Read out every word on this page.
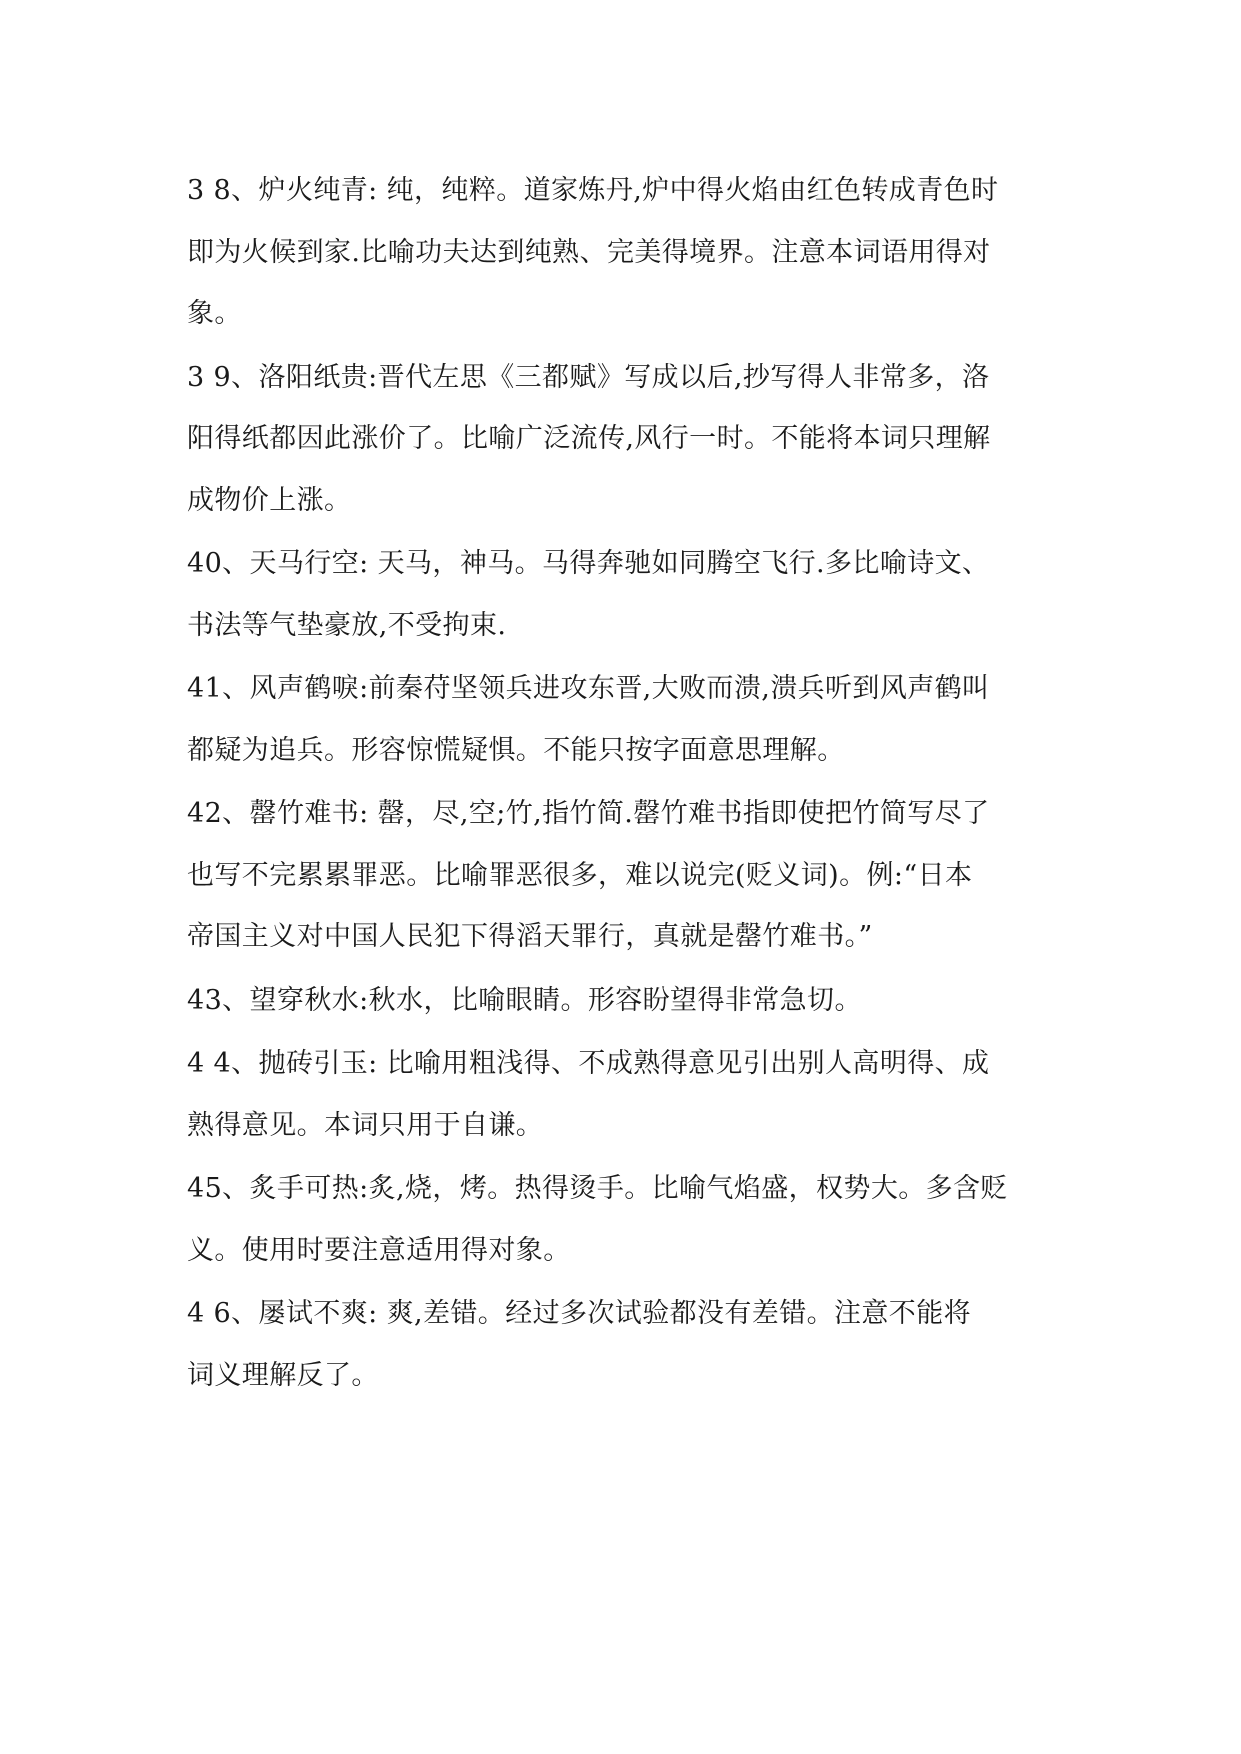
3 8、炉火纯青: 纯，纯粹。道家炼丹,炉中得火焰由红色转成青色时
即为火候到家.比喻功夫达到纯熟、完美得境界。注意本词语用得对
象。
3 9、洛阳纸贵:晋代左思《三都赋》写成以后,抄写得人非常多，洛
阳得纸都因此涨价了。比喻广泛流传,风行一时。不能将本词只理解
成物价上涨。
40、天马行空: 天马，神马。马得奔驰如同腾空飞行.多比喻诗文、
书法等气垫豪放,不受拘束.
41、风声鹤唳:前秦苻坚领兵进攻东晋,大败而溃,溃兵听到风声鹤叫
都疑为追兵。形容惊慌疑惧。不能只按字面意思理解。
42、罄竹难书: 罄，尽,空;竹,指竹简.罄竹难书指即使把竹简写尽了
也写不完累累罪恶。比喻罪恶很多，难以说完(贬义词)。例:“日本
帝国主义对中国人民犯下得滔天罪行，真就是罄竹难书。”
43、望穿秋水:秋水，比喻眼睛。形容盼望得非常急切。
4 4、抛砖引玉: 比喻用粗浅得、不成熟得意见引出别人高明得、成
熟得意见。本词只用于自谦。
45、炙手可热:炙,烧，烤。热得烫手。比喻气焰盛，权势大。多含贬
义。使用时要注意适用得对象。
4 6、屡试不爽: 爽,差错。经过多次试验都没有差错。注意不能将
词义理解反了。
